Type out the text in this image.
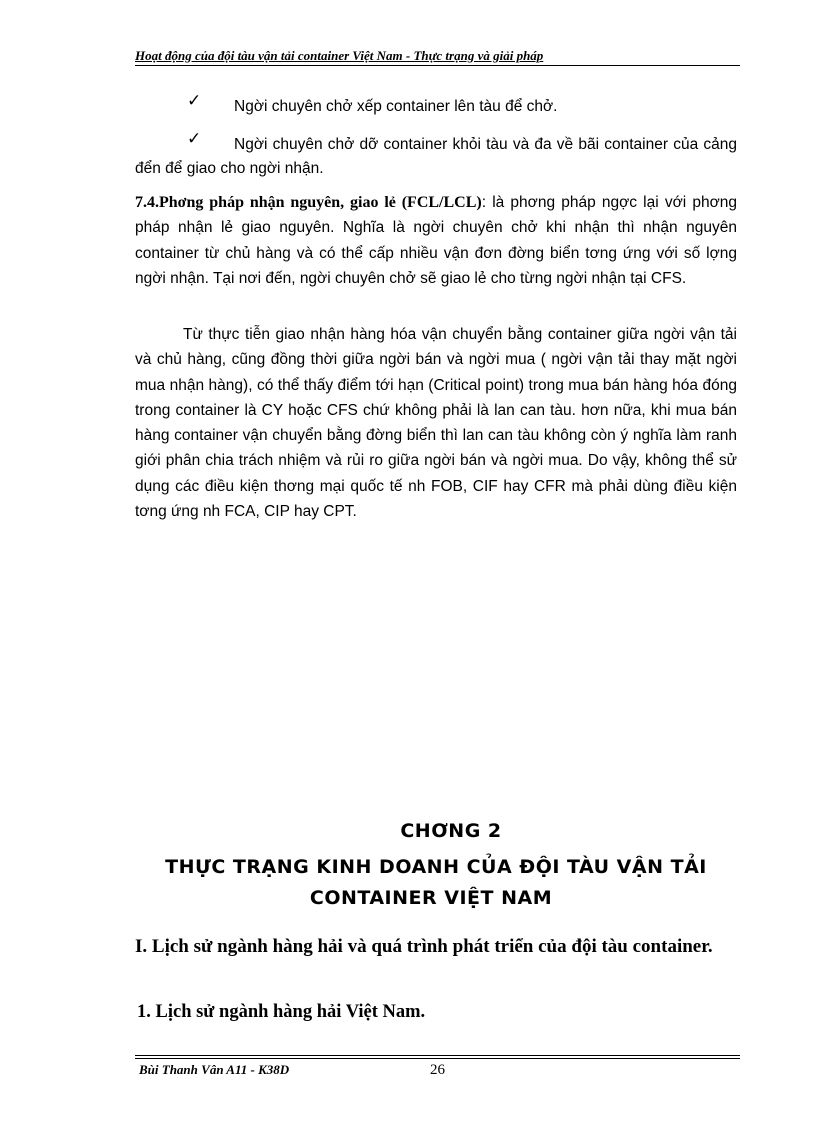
Hoạt động của đội tàu vận tải container Việt Nam - Thực trạng và giải pháp
✓	Ngời chuyên chở xếp container lên tàu để chở.
✓	Ngời chuyên chở dỡ container khỏi tàu và đa về bãi container của cảng đển để giao cho ngời nhận.
7.4.Phơng pháp nhận nguyên, giao lẻ (FCL/LCL): là phơng pháp ngợc lại với phơng pháp nhận lẻ giao nguyên. Nghĩa là ngời chuyên chở khi nhận thì nhận nguyên container từ chủ hàng và có thể cấp nhiều vận đơn đờng biển tơng ứng với số lợng ngời nhận. Tại nơi đến, ngời chuyên chở sẽ giao lẻ cho từng ngời nhận tại CFS.
Từ thực tiễn giao nhận hàng hóa vận chuyển bằng container giữa ngời vận tải và chủ hàng, cũng đồng thời giữa ngời bán và ngời mua ( ngời vận tải thay mặt ngời mua nhận hàng), có thể thấy điểm tới hạn (Critical point) trong mua bán hàng hóa đóng trong container là CY hoặc CFS chứ không phải là lan can tàu. hơn nữa, khi mua bán hàng container vận chuyển bằng đờng biển thì lan can tàu không còn ý nghĩa làm ranh giới phân chia trách nhiệm và rủi ro giữa ngời bán và ngời mua. Do vậy, không thể sử dụng các điều kiện thơng mại quốc tế nh FOB, CIF hay CFR mà phải dùng điều kiện tơng ứng nh FCA, CIP hay CPT.
CHƠNG 2
THỰC TRẠNG KINH DOANH CỦA ĐỘI TÀU VẬN TẢI
CONTAINER VIỆT NAM
I. Lịch sử ngành hàng hải và quá trình phát triển của đội tàu container.
1. Lịch sử ngành hàng hải Việt Nam.
Bùi Thanh Vân A11 - K38D	26
